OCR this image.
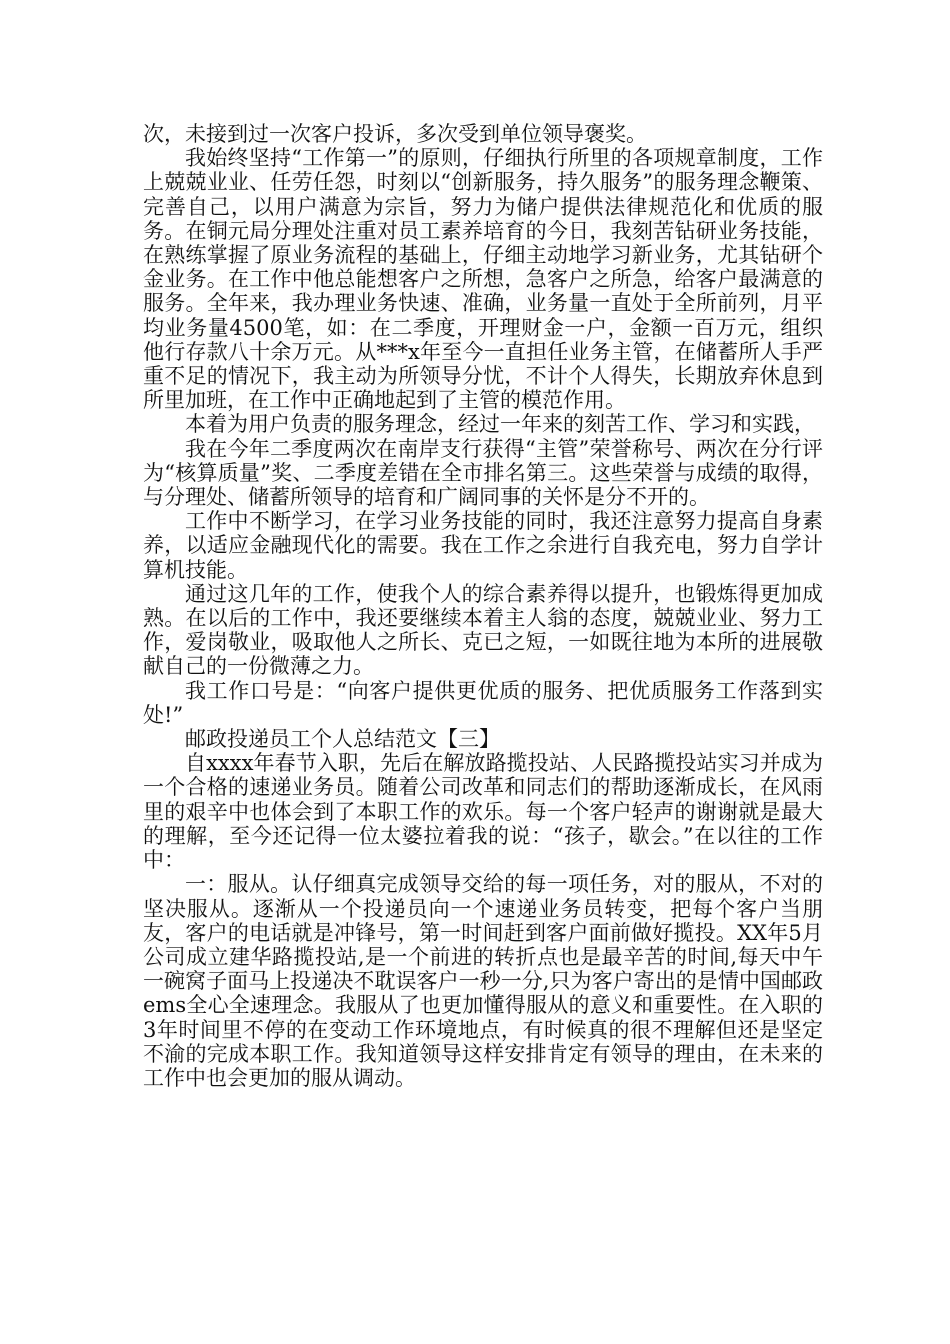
次，未接到过一次客户投诉，多次受到单位领导褒奖。

我始终坚持“工作第一”的原则，仔细执行所里的各项规章制度，工作上兢兢业业、任劳任怨，时刻以“创新服务，持久服务”的服务理念鞭策、完善自己，以用户满意为宗旨，努力为储户提供法律规范化和优质的服务。在铜元局分理处注重对员工素养培育的今日，我刻苦钻研业务技能，在熟练掌握了原业务流程的基础上，仔细主动地学习新业务，尤其钻研个金业务。在工作中他总能想客户之所想，急客户之所急，给客户最满意的服务。全年来，我办理业务快速、准确，业务量一直处于全所前列，月平均业务量4500笔，如：在二季度，开理财金一户，金额一百万元，组织他行存款八十余万元。从***x年至今一直担任业务主管，在储蓄所人手严重不足的情况下，我主动为所领导分忧，不计个人得失，长期放弃休息到所里加班，在工作中正确地起到了主管的模范作用。

本着为用户负责的服务理念，经过一年来的刻苦工作、学习和实践，

我在今年二季度两次在南岸支行获得“主管”荣誉称号、两次在分行评为“核算质量”奖、二季度差错在全市排名第三。这些荣誉与成绩的取得，与分理处、储蓄所领导的培育和广阔同事的关怀是分不开的。

工作中不断学习，在学习业务技能的同时，我还注意努力提高自身素养，以适应金融现代化的需要。我在工作之余进行自我充电，努力自学计算机技能。

通过这几年的工作，使我个人的综合素养得以提升，也锻炼得更加成熟。在以后的工作中，我还要继续本着主人翁的态度，兢兢业业、努力工作，爱岗敬业，吸取他人之所长、克已之短，一如既往地为本所的进展敬献自己的一份微薄之力。

我工作口号是：“向客户提供更优质的服务、把优质服务工作落到实处!”

邮政投递员工个人总结范文【三】

自xxxx年春节入职，先后在解放路揽投站、人民路揽投站实习并成为一个合格的速递业务员。随着公司改革和同志们的帮助逐渐成长，在风雨里的艰辛中也体会到了本职工作的欢乐。每一个客户轻声的谢谢就是最大的理解，至今还记得一位太婆拉着我的说：“孩子，歇会。”在以往的工作中：

一：服从。认仔细真完成领导交给的每一项任务，对的服从，不对的坚决服从。逐渐从一个投递员向一个速递业务员转变，把每个客户当朋友，客户的电话就是冲锋号，第一时间赶到客户面前做好揽投。XX年5月公司成立建华路揽投站,是一个前进的转折点也是最辛苦的时间,每天中午一碗窝子面马上投递决不耽误客户一秒一分,只为客户寄出的是情中国邮政ems全心全速理念。我服从了也更加懂得服从的意义和重要性。在入职的3年时间里不停的在变动工作环境地点，有时候真的很不理解但还是坚定不渝的完成本职工作。我知道领导这样安排肯定有领导的理由，在未来的工作中也会更加的服从调动。
